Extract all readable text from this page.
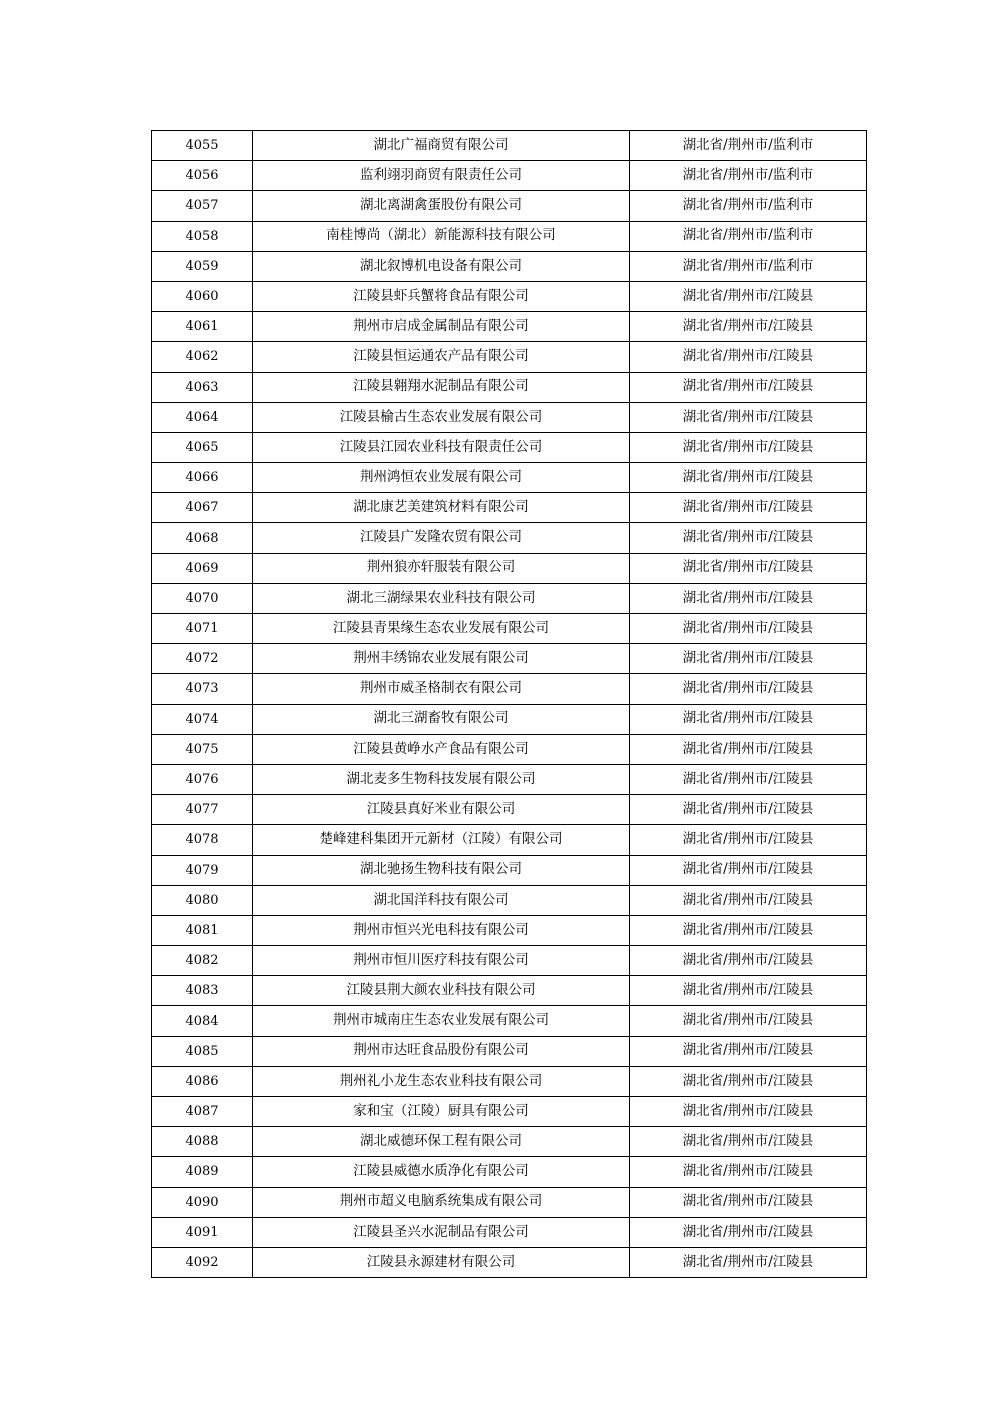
4055	湖北广福商贸有限公司	湖北省/荆州市/监利市
4056	监利翊羽商贸有限责任公司	湖北省/荆州市/监利市
4057	湖北离湖禽蛋股份有限公司	湖北省/荆州市/监利市
4058	南桂博尚（湖北）新能源科技有限公司	湖北省/荆州市/监利市
4059	湖北叙博机电设备有限公司	湖北省/荆州市/监利市
4060	江陵县虾兵蟹将食品有限公司	湖北省/荆州市/江陵县
4061	荆州市启成金属制品有限公司	湖北省/荆州市/江陵县
4062	江陵县恒运通农产品有限公司	湖北省/荆州市/江陵县
4063	江陵县翱翔水泥制品有限公司	湖北省/荆州市/江陵县
4064	江陵县榆古生态农业发展有限公司	湖北省/荆州市/江陵县
4065	江陵县江园农业科技有限责任公司	湖北省/荆州市/江陵县
4066	荆州鸿恒农业发展有限公司	湖北省/荆州市/江陵县
4067	湖北康艺美建筑材料有限公司	湖北省/荆州市/江陵县
4068	江陵县广发隆农贸有限公司	湖北省/荆州市/江陵县
4069	荆州狼亦轩服装有限公司	湖北省/荆州市/江陵县
4070	湖北三湖绿果农业科技有限公司	湖北省/荆州市/江陵县
4071	江陵县青果缘生态农业发展有限公司	湖北省/荆州市/江陵县
4072	荆州丰绣锦农业发展有限公司	湖北省/荆州市/江陵县
4073	荆州市威圣格制衣有限公司	湖北省/荆州市/江陵县
4074	湖北三湖畜牧有限公司	湖北省/荆州市/江陵县
4075	江陵县黄峥水产食品有限公司	湖北省/荆州市/江陵县
4076	湖北麦多生物科技发展有限公司	湖北省/荆州市/江陵县
4077	江陵县真好米业有限公司	湖北省/荆州市/江陵县
4078	楚峰建科集团开元新材（江陵）有限公司	湖北省/荆州市/江陵县
4079	湖北驰扬生物科技有限公司	湖北省/荆州市/江陵县
4080	湖北国洋科技有限公司	湖北省/荆州市/江陵县
4081	荆州市恒兴光电科技有限公司	湖北省/荆州市/江陵县
4082	荆州市恒川医疗科技有限公司	湖北省/荆州市/江陵县
4083	江陵县荆大颜农业科技有限公司	湖北省/荆州市/江陵县
4084	荆州市城南庄生态农业发展有限公司	湖北省/荆州市/江陵县
4085	荆州市达旺食品股份有限公司	湖北省/荆州市/江陵县
4086	荆州礼小龙生态农业科技有限公司	湖北省/荆州市/江陵县
4087	家和宝（江陵）厨具有限公司	湖北省/荆州市/江陵县
4088	湖北威德环保工程有限公司	湖北省/荆州市/江陵县
4089	江陵县威德水质净化有限公司	湖北省/荆州市/江陵县
4090	荆州市超义电脑系统集成有限公司	湖北省/荆州市/江陵县
4091	江陵县圣兴水泥制品有限公司	湖北省/荆州市/江陵县
4092	江陵县永源建材有限公司	湖北省/荆州市/江陵县
